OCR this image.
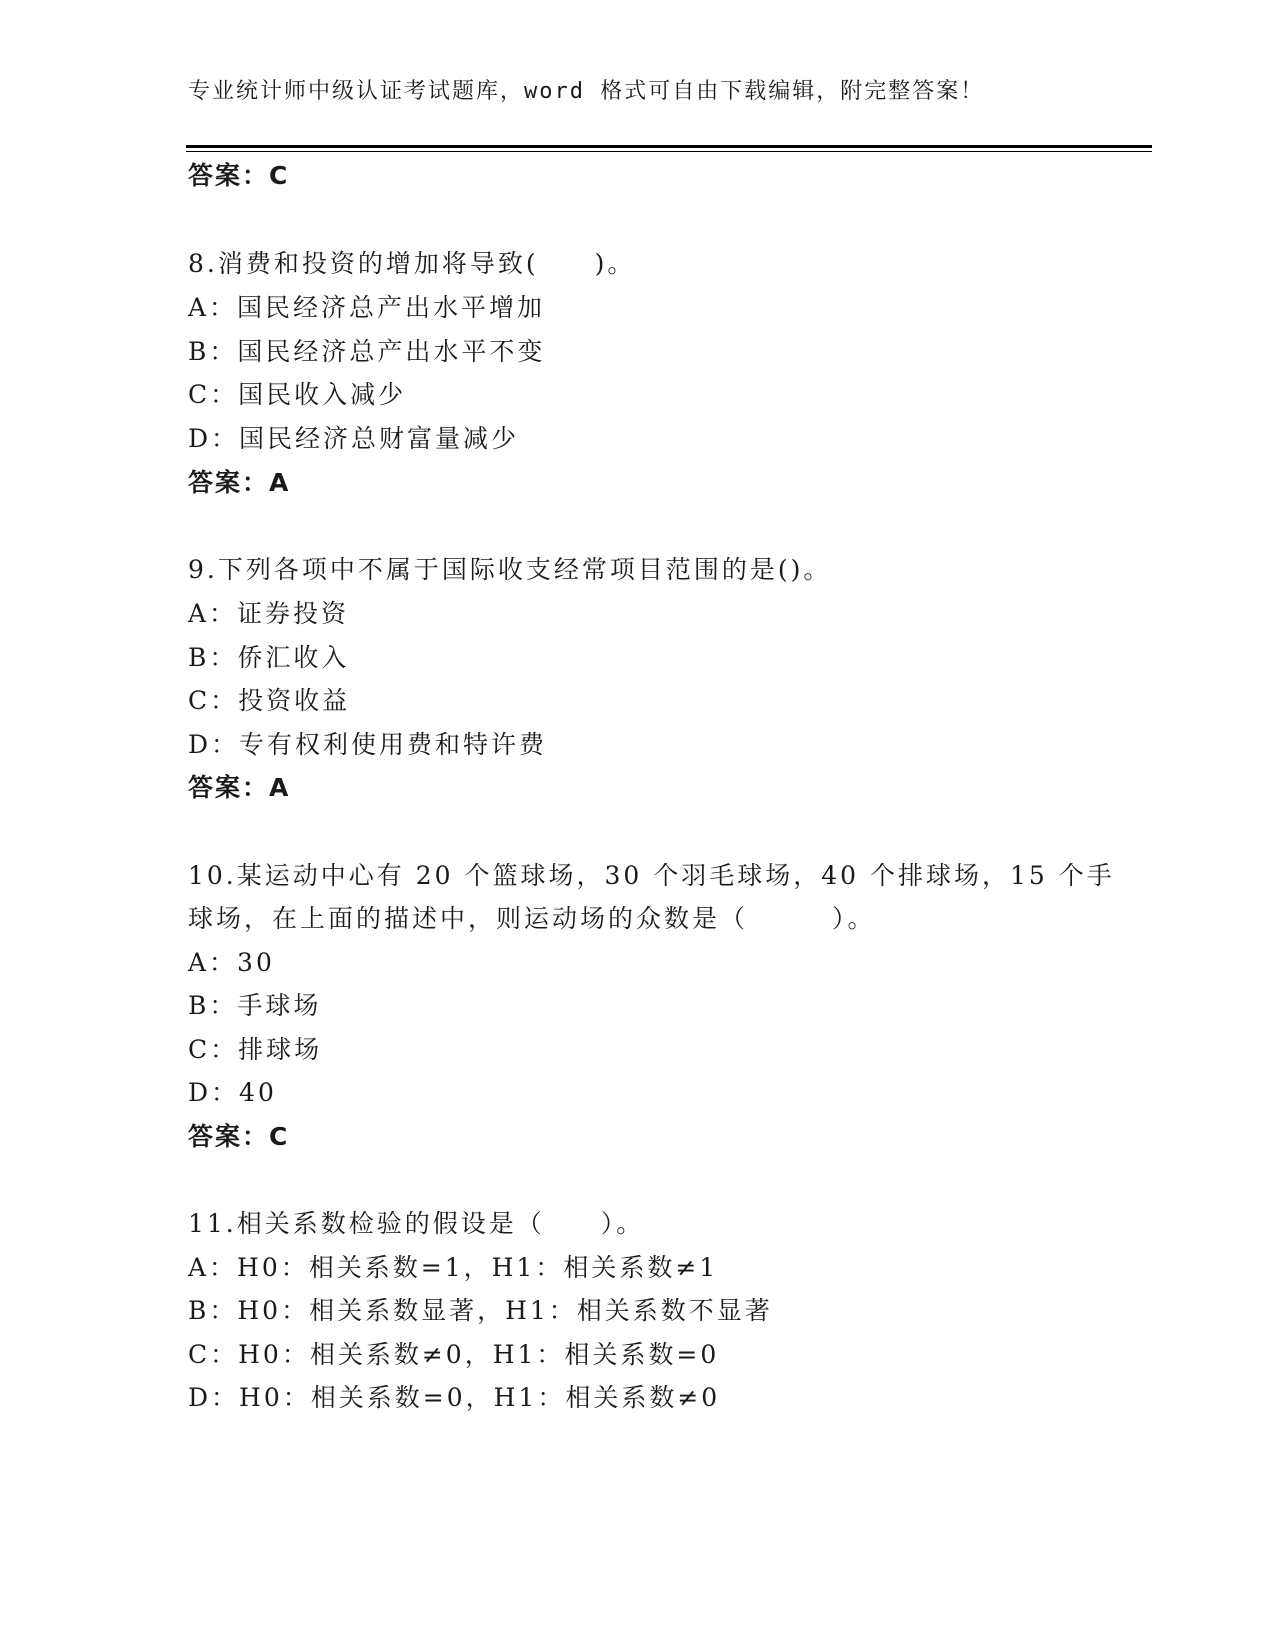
专业统计师中级认证考试题库，word 格式可自由下载编辑，附完整答案！
答案：C
8.消费和投资的增加将导致(　　)。
A：国民经济总产出水平增加
B：国民经济总产出水平不变
C：国民收入减少
D：国民经济总财富量减少
答案：A
9.下列各项中不属于国际收支经常项目范围的是()。
A：证券投资
B：侨汇收入
C：投资收益
D：专有权利使用费和特许费
答案：A
10.某运动中心有 20 个篮球场，30 个羽毛球场，40 个排球场，15 个手
球场，在上面的描述中，则运动场的众数是（　　　）。
A：30
B：手球场
C：排球场
D：40
答案：C
11.相关系数检验的假设是（　　）。
A：H0：相关系数=1，H1：相关系数≠1
B：H0：相关系数显著，H1：相关系数不显著
C：H0：相关系数≠0，H1：相关系数=0
D：H0：相关系数=0，H1：相关系数≠0
